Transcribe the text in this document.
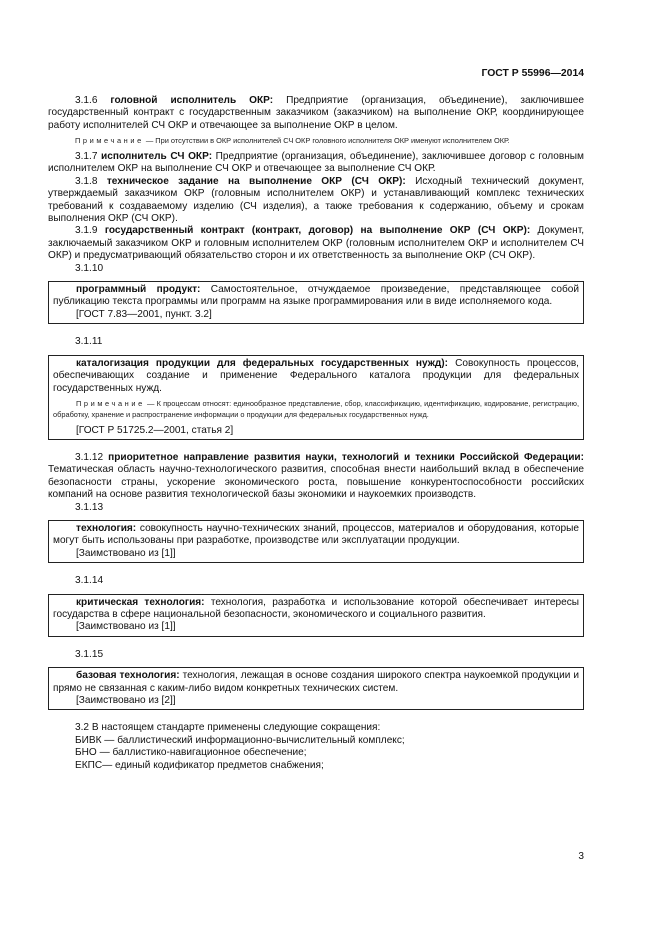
ГОСТ Р 55996—2014

3.1.6 головной исполнитель ОКР: Предприятие (организация, объединение), заключившее государственный контракт с государственным заказчиком (заказчиком) на выполнение ОКР, координирующее работу исполнителей СЧ ОКР и отвечающее за выполнение ОКР в целом.

Примечание — При отсутствии в ОКР исполнителей СЧ ОКР головного исполнителя ОКР именуют исполнителем ОКР.

3.1.7 исполнитель СЧ ОКР: Предприятие (организация, объединение), заключившее договор с головным исполнителем ОКР на выполнение СЧ ОКР и отвечающее за выполнение СЧ ОКР.

3.1.8 техническое задание на выполнение ОКР (СЧ ОКР): Исходный технический документ, утверждаемый заказчиком ОКР (головным исполнителем ОКР) и устанавливающий комплекс технических требований к создаваемому изделию (СЧ изделия), а также требования к содержанию, объему и срокам выполнения ОКР (СЧ ОКР).

3.1.9 государственный контракт (контракт, договор) на выполнение ОКР (СЧ ОКР): Документ, заключаемый заказчиком ОКР и головным исполнителем ОКР (головным исполнителем ОКР и исполнителем СЧ ОКР) и предусматривающий обязательство сторон и их ответственность за выполнение ОКР (СЧ ОКР).

3.1.10

программный продукт: Самостоятельное, отчуждаемое произведение, представляющее собой публикацию текста программы или программ на языке программирования или в виде исполняемого кода.

[ГОСТ 7.83—2001, пункт. 3.2]

3.1.11

каталогизация продукции для федеральных государственных нужд): Совокупность процессов, обеспечивающих создание и применение Федерального каталога продукции для федеральных государственных нужд.

Примечание — К процессам относят: единообразное представление, сбор, классификацию, идентификацию, кодирование, регистрацию, обработку, хранение и распространение информации о продукции для федеральных государственных нужд.

[ГОСТ Р 51725.2—2001, статья 2]

3.1.12 приоритетное направление развития науки, технологий и техники Российской Федерации: Тематическая область научно-технологического развития, способная внести наибольший вклад в обеспечение безопасности страны, ускорение экономического роста, повышение конкурентоспособности российских компаний на основе развития технологической базы экономики и наукоемких производств.

3.1.13

технология: совокупность научно-технических знаний, процессов, материалов и оборудования, которые могут быть использованы при разработке, производстве или эксплуатации продукции.

[Заимствовано из [1]]

3.1.14

критическая технология: технология, разработка и использование которой обеспечивает интересы государства в сфере национальной безопасности, экономического и социального развития.

[Заимствовано из [1]]

3.1.15

базовая технология: технология, лежащая в основе создания широкого спектра наукоемкой продукции и прямо не связанная с каким-либо видом конкретных технических систем.

[Заимствовано из [2]]

3.2 В настоящем стандарте применены следующие сокращения:

БИВК — баллистический информационно-вычислительный комплекс;

БНО — баллистико-навигационное обеспечение;

ЕКПС— единый кодификатор предметов снабжения;

3
